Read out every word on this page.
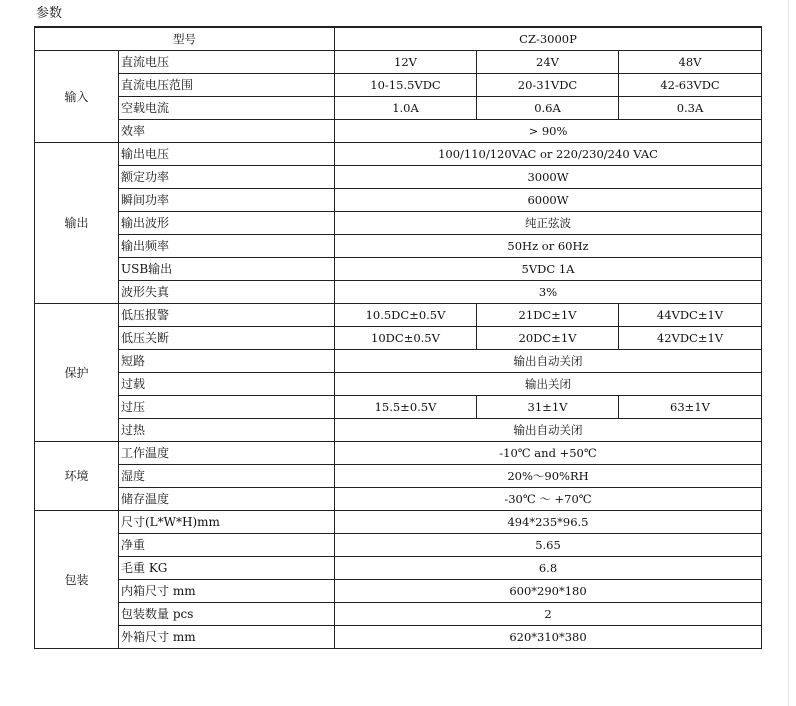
参数
型号		CZ-3000P		
输入	直流电压	12V	24V	48V
	直流电压范围	10-15.5VDC	20-31VDC	42-63VDC
	空载电流	1.0A	0.6A	0.3A
	效率	> 90%		
输出	输出电压	100/110/120VAC or 220/230/240 VAC		
	额定功率	3000W		
	瞬间功率	6000W		
	输出波形	纯正弦波		
	输出频率	50Hz or 60Hz		
	USB输出	5VDC 1A		
	波形失真	3%		
保护	低压报警	10.5DC±0.5V	21DC±1V	44VDC±1V
	低压关断	10DC±0.5V	20DC±1V	42VDC±1V
	短路	输出自动关闭		
	过载	输出关闭		
	过压	15.5±0.5V	31±1V	63±1V
	过热	输出自动关闭		
环境	工作温度	-10℃ and +50℃		
	湿度	20%～90%RH		
	储存温度	-30℃ ～ +70℃		
包装	尺寸(L*W*H)mm	494*235*96.5		
	净重	5.65		
	毛重 KG	6.8		
	内箱尺寸 mm	600*290*180		
	包装数量 pcs	2		
	外箱尺寸 mm	620*310*380		
